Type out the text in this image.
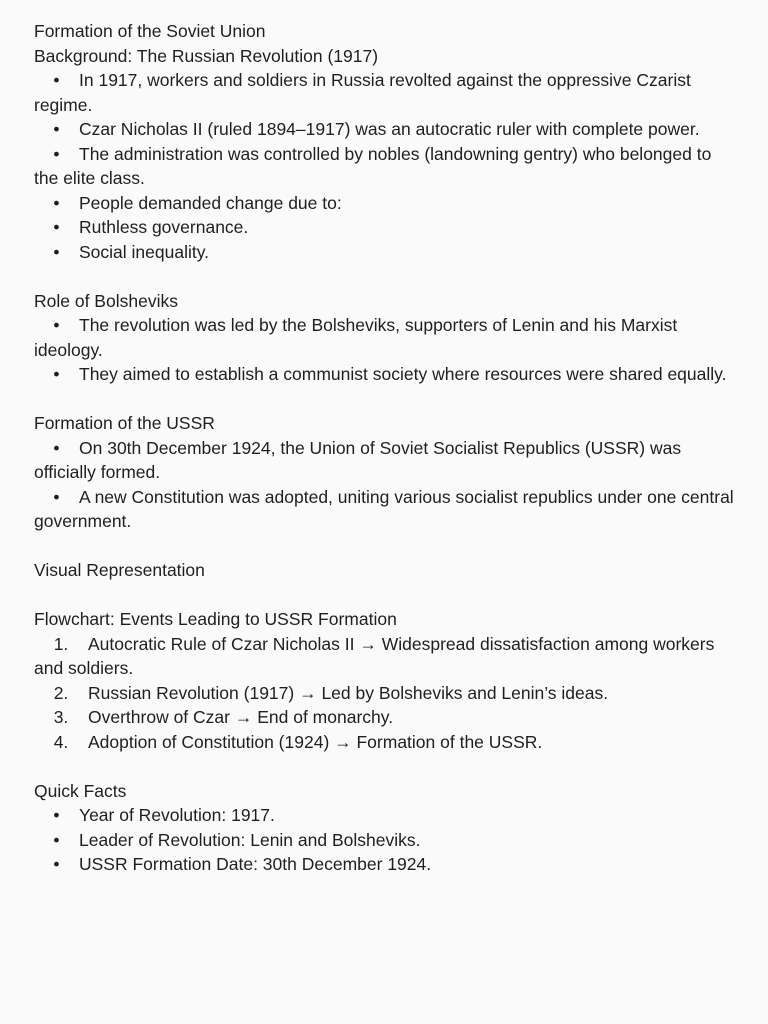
Formation of the Soviet Union

Background: The Russian Revolution (1917)

• In 1917, workers and soldiers in Russia revolted against the oppressive Czarist regime.

• Czar Nicholas II (ruled 1894–1917) was an autocratic ruler with complete power.

• The administration was controlled by nobles (landowning gentry) who belonged to the elite class.

• People demanded change due to:

• Ruthless governance.

• Social inequality.

Role of Bolsheviks

• The revolution was led by the Bolsheviks, supporters of Lenin and his Marxist ideology.

• They aimed to establish a communist society where resources were shared equally.

Formation of the USSR

• On 30th December 1924, the Union of Soviet Socialist Republics (USSR) was officially formed.

• A new Constitution was adopted, uniting various socialist republics under one central government.

Visual Representation

Flowchart: Events Leading to USSR Formation

1. Autocratic Rule of Czar Nicholas II → Widespread dissatisfaction among workers and soldiers.

2. Russian Revolution (1917) → Led by Bolsheviks and Lenin’s ideas.

3. Overthrow of Czar → End of monarchy.

4. Adoption of Constitution (1924) → Formation of the USSR.

Quick Facts

• Year of Revolution: 1917.

• Leader of Revolution: Lenin and Bolsheviks.

• USSR Formation Date: 30th December 1924.
